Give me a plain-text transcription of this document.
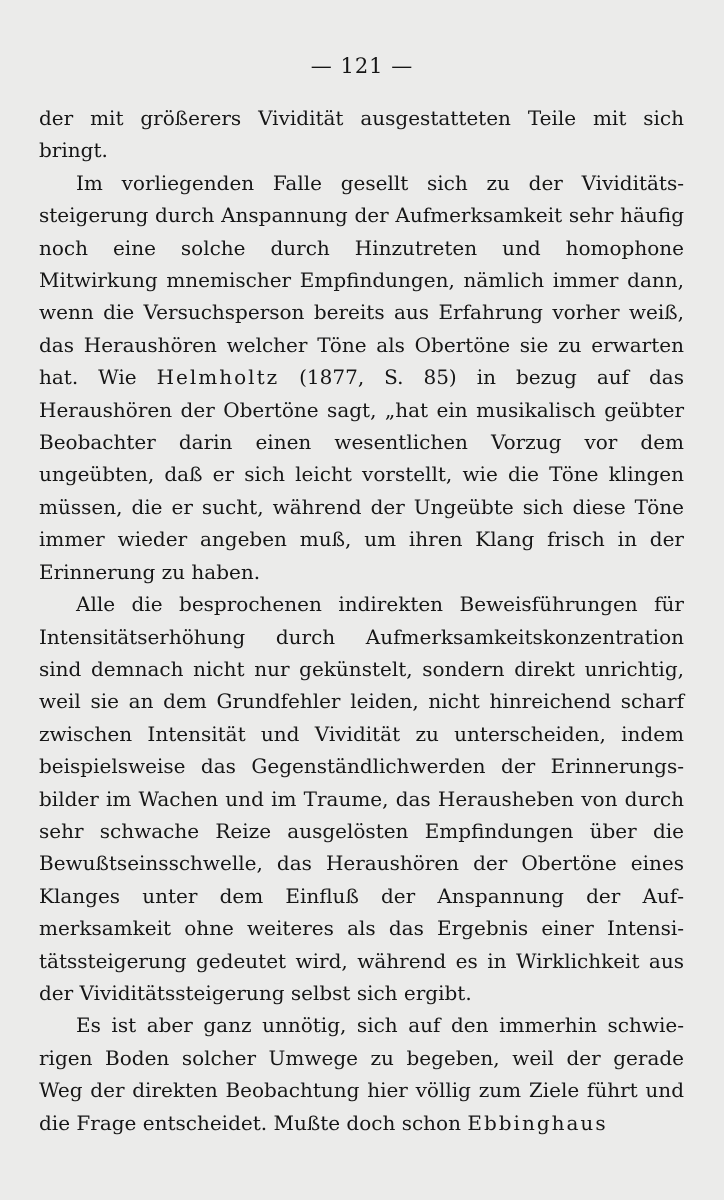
— 121 —

der mit größerers Vividität ausgestatteten Teile mit sich bringt.

Im vorliegenden Falle gesellt sich zu der Vividitätssteigerung durch Anspannung der Aufmerksamkeit sehr häufig noch eine solche durch Hinzutreten und homophone Mitwirkung mnemischer Empfindungen, nämlich immer dann, wenn die Versuchsperson bereits aus Erfahrung vorher weiß, das Heraushören welcher Töne als Obertöne sie zu erwarten hat. Wie Helmholtz (1877, S. 85) in bezug auf das Heraushören der Obertöne sagt, „hat ein musikalisch geübter Beobachter darin einen wesentlichen Vorzug vor dem ungeübten, daß er sich leicht vorstellt, wie die Töne klingen müssen, die er sucht, während der Ungeübte sich diese Töne immer wieder angeben muß, um ihren Klang frisch in der Erinnerung zu haben.

Alle die besprochenen indirekten Beweisführungen für Intensitätserhöhung durch Aufmerksamkeitskonzentration sind demnach nicht nur gekünstelt, sondern direkt unrichtig, weil sie an dem Grundfehler leiden, nicht hinreichend scharf zwischen Intensität und Vividität zu unterscheiden, indem beispielsweise das Gegenständlichwerden der Erinnerungsbilder im Wachen und im Traume, das Herausheben von durch sehr schwache Reize ausgelösten Empfindungen über die Bewußtseinsschwelle, das Heraushören der Obertöne eines Klanges unter dem Einfluß der Anspannung der Aufmerksamkeit ohne weiteres als das Ergebnis einer Intensitätssteigerung gedeutet wird, während es in Wirklichkeit aus der Vividitätssteigerung selbst sich ergibt.

Es ist aber ganz unnötig, sich auf den immerhin schwierigen Boden solcher Umwege zu begeben, weil der gerade Weg der direkten Beobachtung hier völlig zum Ziele führt und die Frage entscheidet. Mußte doch schon Ebbinghaus
